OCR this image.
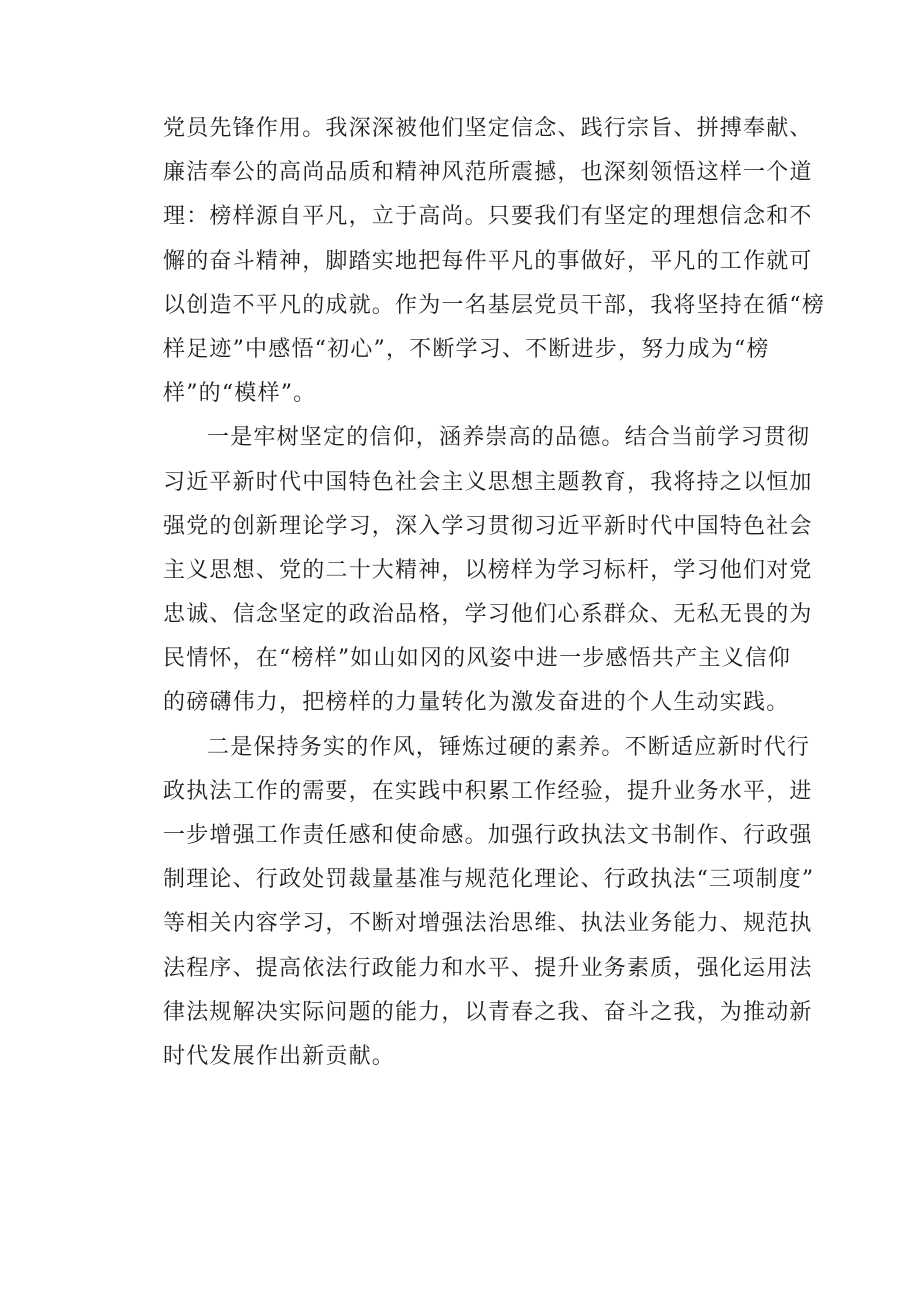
党员先锋作用。我深深被他们坚定信念、践行宗旨、拼搏奉献、
廉洁奉公的高尚品质和精神风范所震撼，也深刻领悟这样一个道
理：榜样源自平凡，立于高尚。只要我们有坚定的理想信念和不
懈的奋斗精神，脚踏实地把每件平凡的事做好，平凡的工作就可
以创造不平凡的成就。作为一名基层党员干部，我将坚持在循“榜
样足迹”中感悟“初心”，不断学习、不断进步，努力成为“榜
样”的“模样”。
一是牢树坚定的信仰，涵养崇高的品德。结合当前学习贯彻
习近平新时代中国特色社会主义思想主题教育，我将持之以恒加
强党的创新理论学习，深入学习贯彻习近平新时代中国特色社会
主义思想、党的二十大精神，以榜样为学习标杆，学习他们对党
忠诚、信念坚定的政治品格，学习他们心系群众、无私无畏的为
民情怀，在“榜样”如山如冈的风姿中进一步感悟共产主义信仰
的磅礴伟力，把榜样的力量转化为激发奋进的个人生动实践。
二是保持务实的作风，锤炼过硬的素养。不断适应新时代行
政执法工作的需要，在实践中积累工作经验，提升业务水平，进
一步增强工作责任感和使命感。加强行政执法文书制作、行政强
制理论、行政处罚裁量基准与规范化理论、行政执法“三项制度”
等相关内容学习，不断对增强法治思维、执法业务能力、规范执
法程序、提高依法行政能力和水平、提升业务素质，强化运用法
律法规解决实际问题的能力，以青春之我、奋斗之我，为推动新
时代发展作出新贡献。
